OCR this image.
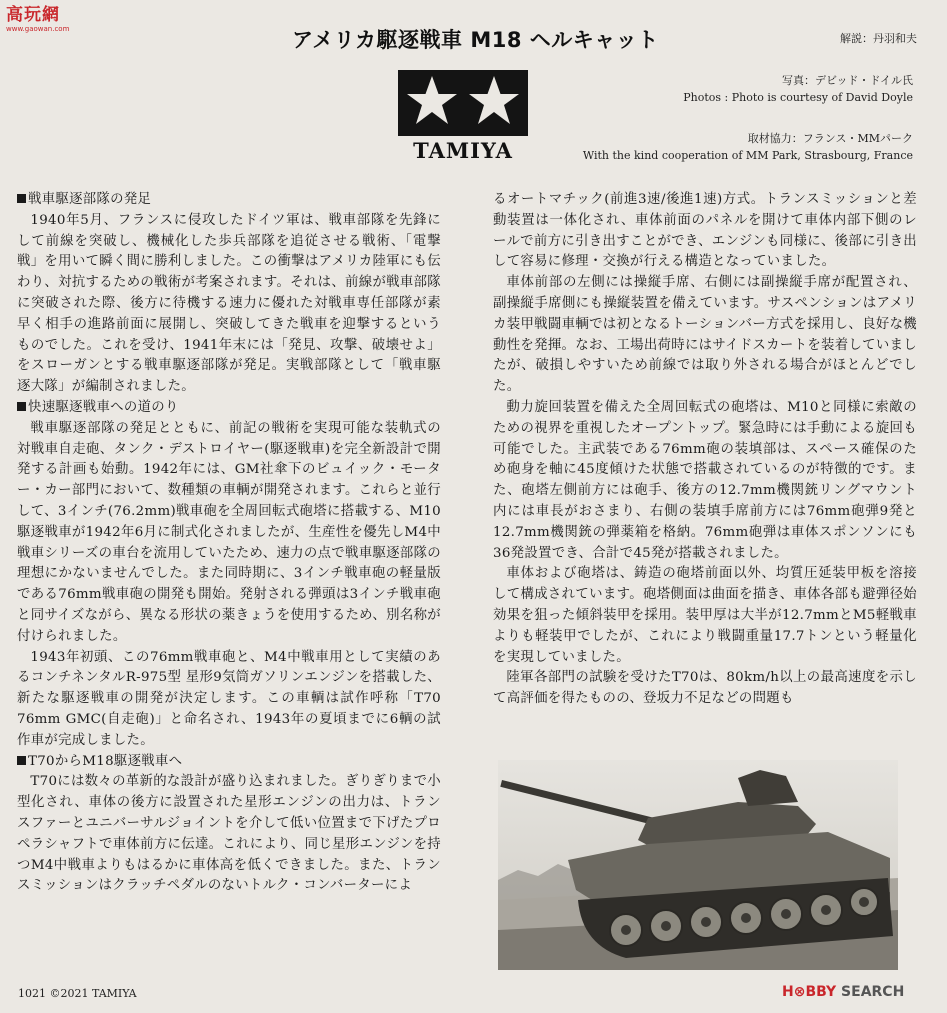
高玩網
www.gaowan.com	アメリカ駆逐戦車 M18 ヘルキャット	解説：丹羽和夫
TAMIYA
写真：デビッド・ドイル氏
Photos : Photo is courtesy of David Doyle
取材協力：フランス・MMパーク
With the kind cooperation of MM Park, Strasbourg, France
戦車駆逐部隊の発足

1940年5月、フランスに侵攻したドイツ軍は、戦車部隊を先鋒にして前線を突破し、機械化した歩兵部隊を追従させる戦術、「電撃戦」を用いて瞬く間に勝利しました。この衝撃はアメリカ陸軍にも伝わり、対抗するための戦術が考案されます。それは、前線が戦車部隊に突破された際、後方に待機する速力に優れた対戦車専任部隊が素早く相手の進路前面に展開し、突破してきた戦車を迎撃するというものでした。これを受け、1941年末には「発見、攻撃、破壊せよ」をスローガンとする戦車駆逐部隊が発足。実戦部隊として「戦車駆逐大隊」が編制されました。

快速駆逐戦車への道のり

戦車駆逐部隊の発足とともに、前記の戦術を実現可能な装軌式の対戦車自走砲、タンク・デストロイヤー(駆逐戦車)を完全新設計で開発する計画も始動。1942年には、GM社傘下のビュイック・モーター・カー部門において、数種類の車輌が開発されます。これらと並行して、3インチ(76.2mm)戦車砲を全周回転式砲塔に搭載する、M10駆逐戦車が1942年6月に制式化されましたが、生産性を優先しM4中戦車シリーズの車台を流用していたため、速力の点で戦車駆逐部隊の理想にかないませんでした。また同時期に、3インチ戦車砲の軽量版である76mm戦車砲の開発も開始。発射される弾頭は3インチ戦車砲と同サイズながら、異なる形状の薬きょうを使用するため、別名称が付けられました。

1943年初頭、この76mm戦車砲と、M4中戦車用として実績のあるコンチネンタルR-975型 星形9気筒ガソリンエンジンを搭載した、新たな駆逐戦車の開発が決定します。この車輌は試作呼称「T70 76mm GMC(自走砲)」と命名され、1943年の夏頃までに6輌の試作車が完成しました。

T70からM18駆逐戦車へ

T70には数々の革新的な設計が盛り込まれました。ぎりぎりまで小型化され、車体の後方に設置された星形エンジンの出力は、トランスファーとユニバーサルジョイントを介して低い位置まで下げたプロペラシャフトで車体前方に伝達。これにより、同じ星形エンジンを持つM4中戦車よりもはるかに車体高を低くできました。また、トランスミッションはクラッチペダルのないトルク・コンバーターによ

るオートマチック(前進3速/後進1速)方式。トランスミッションと差動装置は一体化され、車体前面のパネルを開けて車体内部下側のレールで前方に引き出すことができ、エンジンも同様に、後部に引き出して容易に修理・交換が行える構造となっていました。

車体前部の左側には操縦手席、右側には副操縦手席が配置され、副操縦手席側にも操縦装置を備えています。サスペンションはアメリカ装甲戦闘車輌では初となるトーションバー方式を採用し、良好な機動性を発揮。なお、工場出荷時にはサイドスカートを装着していましたが、破損しやすいため前線では取り外される場合がほとんどでした。

動力旋回装置を備えた全周回転式の砲塔は、M10と同様に索敵のための視界を重視したオープントップ。緊急時には手動による旋回も可能でした。主武装である76mm砲の装填部は、スペース確保のため砲身を軸に45度傾けた状態で搭載されているのが特徴的です。また、砲塔左側前方には砲手、後方の12.7mm機関銃リングマウント内には車長がおさまり、右側の装填手席前方には76mm砲弾9発と12.7mm機関銃の弾薬箱を格納。76mm砲弾は車体スポンソンにも36発設置でき、合計で45発が搭載されました。

車体および砲塔は、鋳造の砲塔前面以外、均質圧延装甲板を溶接して構成されています。砲塔側面は曲面を描き、車体各部も避弾径始効果を狙った傾斜装甲を採用。装甲厚は大半が12.7mmとM5軽戦車よりも軽装甲でしたが、これにより戦闘重量17.7トンという軽量化を実現していました。

陸軍各部門の試験を受けたT70は、80km/h以上の最高速度を示して高評価を得たものの、登坂力不足などの問題も

1021 ©2021 TAMIYA	H⊗BBY SEARCH
